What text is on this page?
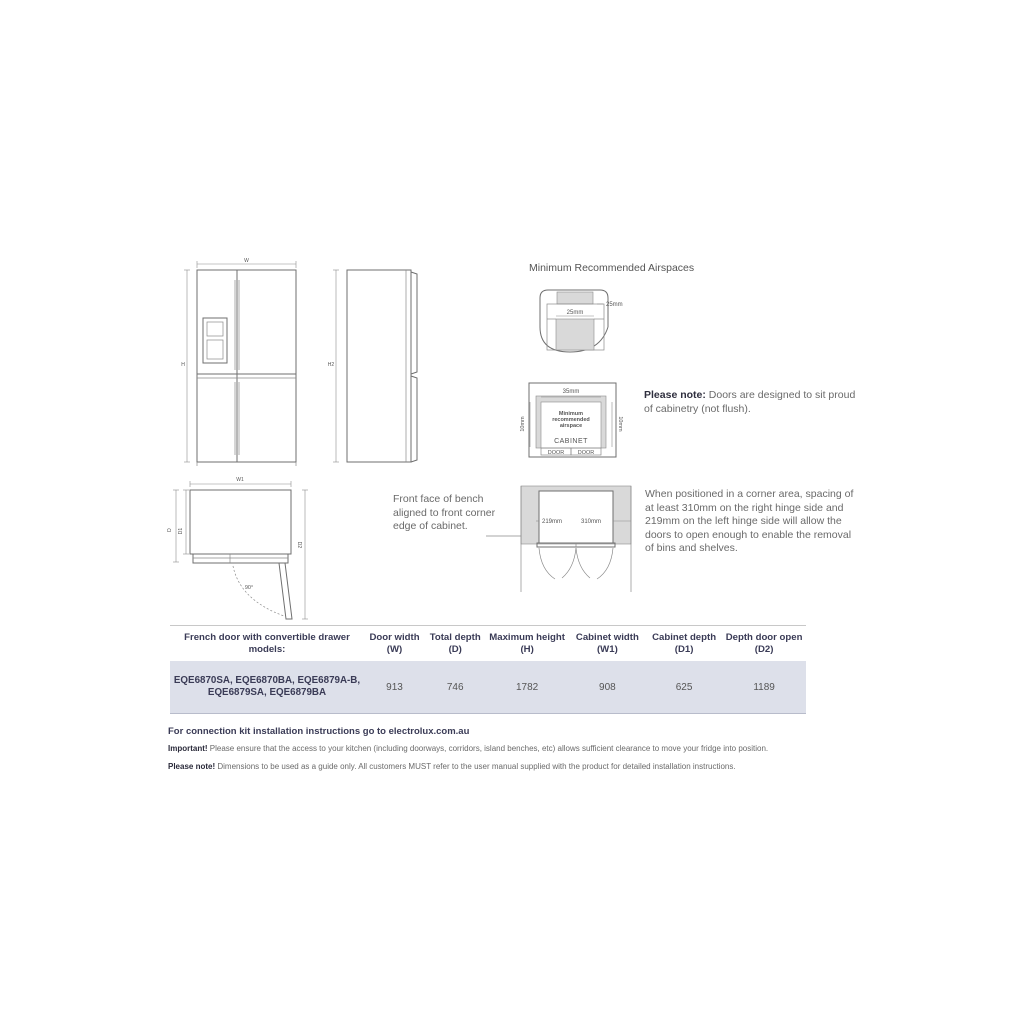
W
H	H2
W1
90°
D D1
D2
Minimum Recommended Airspaces
25mm
25mm
35mm
10mm	10mm
Minimum
recommended
airspace
CABINET
DOOR DOOR
219mm	310mm
Please note: Doors are designed to sit proud of cabinetry (not flush).
Front face of bench aligned to front corner edge of cabinet.
When positioned in a corner area, spacing of at least 310mm on the right hinge side and 219mm on the left hinge side will allow the doors to open enough to enable the removal of bins and shelves.
French door with convertible drawer models:	Door width (W)	Total depth (D)	Maximum height (H)	Cabinet width (W1)	Cabinet depth (D1)	Depth door open (D2)
EQE6870SA, EQE6870BA, EQE6879A-B, EQE6879SA, EQE6879BA	913	746	1782	908	625	1189
For connection kit installation instructions go to electrolux.com.au
Important! Please ensure that the access to your kitchen (including doorways, corridors, island benches, etc) allows sufficient clearance to move your fridge into position.
Please note! Dimensions to be used as a guide only. All customers MUST refer to the user manual supplied with the product for detailed installation instructions.
